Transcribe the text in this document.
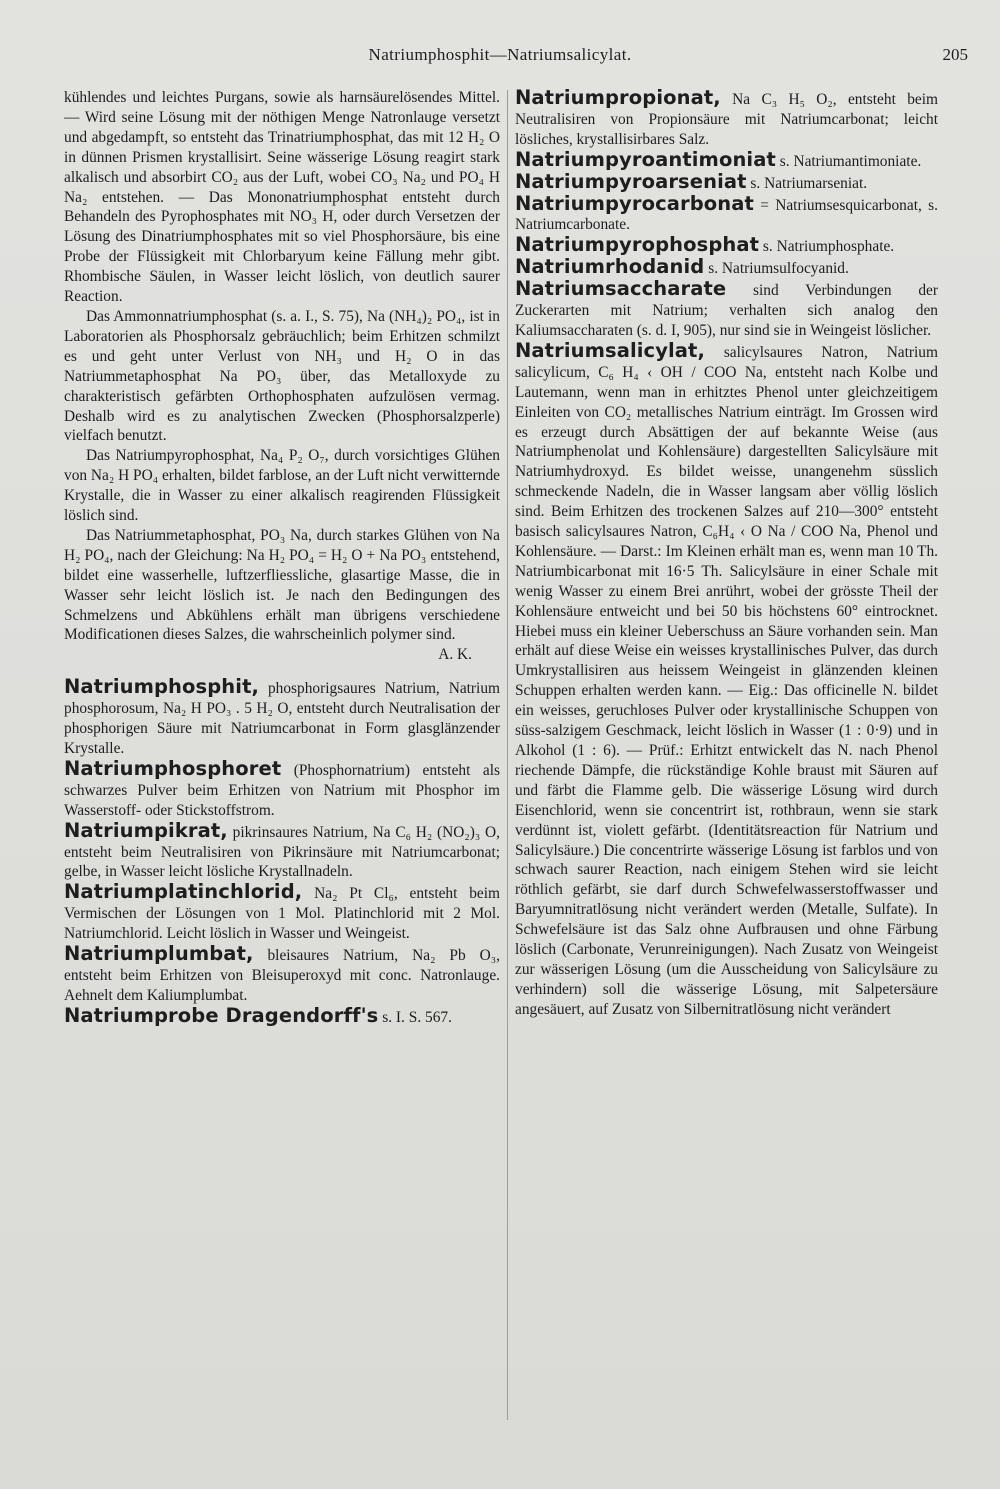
Natriumphosphit—Natriumsalicylat.	205

kühlendes und leichtes Purgans, sowie als harnsäurelösendes Mittel. — Wird seine Lösung mit der nöthigen Menge Natronlauge versetzt und abgedampft, so entsteht das Trinatriumphosphat, das mit 12 H₂ O in dünnen Prismen krystallisirt. Seine wässerige Lösung reagirt stark alkalisch und absorbirt CO₂ aus der Luft, wobei CO₃ Na₂ und PO₄ H Na₂ entstehen. — Das Mononatriumphosphat entsteht durch Behandeln des Pyrophosphates mit NO₃ H, oder durch Versetzen der Lösung des Dinatriumphosphates mit so viel Phosphorsäure, bis eine Probe der Flüssigkeit mit Chlorbaryum keine Fällung mehr gibt. Rhombische Säulen, in Wasser leicht löslich, von deutlich saurer Reaction.

Das Ammonnatriumphosphat (s. a. I., S. 75), Na (NH₄)₂ PO₄, ist in Laboratorien als Phosphorsalz gebräuchlich; beim Erhitzen schmilzt es und geht unter Verlust von NH₃ und H₂ O in das Natriummetaphosphat Na PO₃ über, das Metalloxyde zu charakteristisch gefärbten Orthophosphaten aufzulösen vermag. Deshalb wird es zu analytischen Zwecken (Phosphorsalzperle) vielfach benutzt.

Das Natriumpyrophosphat, Na₄ P₂ O₇, durch vorsichtiges Glühen von Na₂ H PO₄ erhalten, bildet farblose, an der Luft nicht verwitternde Krystalle, die in Wasser zu einer alkalisch reagirenden Flüssigkeit löslich sind.

Das Natriummetaphosphat, PO₃ Na, durch starkes Glühen von Na H₂ PO₄, nach der Gleichung: Na H₂ PO₄ = H₂ O + Na PO₃ entstehend, bildet eine wasserhelle, luftzerfliessliche, glasartige Masse, die in Wasser sehr leicht löslich ist. Je nach den Bedingungen des Schmelzens und Abkühlens erhält man übrigens verschiedene Modificationen dieses Salzes, die wahrscheinlich polymer sind.

A. K.

Natriumphosphit, phosphorigsaures Natrium, Natrium phosphorosum, Na₂ H PO₃ . 5 H₂ O, entsteht durch Neutralisation der phosphorigen Säure mit Natriumcarbonat in Form glasglänzender Krystalle.

Natriumphosphoret (Phosphornatrium) entsteht als schwarzes Pulver beim Erhitzen von Natrium mit Phosphor im Wasserstoff- oder Stickstoffstrom.

Natriumpikrat, pikrinsaures Natrium, Na C₆ H₂ (NO₂)₃ O, entsteht beim Neutralisiren von Pikrinsäure mit Natriumcarbonat; gelbe, in Wasser leicht lösliche Krystallnadeln.

Natriumplatinchlorid, Na₂ Pt Cl₆, entsteht beim Vermischen der Lösungen von 1 Mol. Platinchlorid mit 2 Mol. Natriumchlorid. Leicht löslich in Wasser und Weingeist.

Natriumplumbat, bleisaures Natrium, Na₂ Pb O₃, entsteht beim Erhitzen von Bleisuperoxyd mit conc. Natronlauge. Aehnelt dem Kaliumplumbat.

Natriumprobe Dragendorff's s. I. S. 567.

Natriumpropionat, Na C₃ H₅ O₂, entsteht beim Neutralisiren von Propionsäure mit Natriumcarbonat; leicht lösliches, krystallisirbares Salz.

Natriumpyroantimoniat s. Natriumantimoniate.

Natriumpyroarseniat s. Natriumarseniat.

Natriumpyrocarbonat = Natriumsesquicarbonat, s. Natriumcarbonate.

Natriumpyrophosphat s. Natriumphosphate.

Natriumrhodanid s. Natriumsulfocyanid.

Natriumsaccharate sind Verbindungen der Zuckerarten mit Natrium; verhalten sich analog den Kaliumsaccharaten (s. d. I, 905), nur sind sie in Weingeist löslicher.

Natriumsalicylat, salicylsaures Natron, Natrium salicylicum, C₆ H₄ ‹ OH / COO Na, entsteht nach Kolbe und Lautemann, wenn man in erhitztes Phenol unter gleichzeitigem Einleiten von CO₂ metallisches Natrium einträgt. Im Grossen wird es erzeugt durch Absättigen der auf bekannte Weise (aus Natriumphenolat und Kohlensäure) dargestellten Salicylsäure mit Natriumhydroxyd. Es bildet weisse, unangenehm süsslich schmeckende Nadeln, die in Wasser langsam aber völlig löslich sind. Beim Erhitzen des trockenen Salzes auf 210—300° entsteht basisch salicylsaures Natron, C₆H₄ ‹ O Na / COO Na, Phenol und Kohlensäure. — Darst.: Im Kleinen erhält man es, wenn man 10 Th. Natriumbicarbonat mit 16·5 Th. Salicylsäure in einer Schale mit wenig Wasser zu einem Brei anrührt, wobei der grösste Theil der Kohlensäure entweicht und bei 50 bis höchstens 60° eintrocknet. Hiebei muss ein kleiner Ueberschuss an Säure vorhanden sein. Man erhält auf diese Weise ein weisses krystallinisches Pulver, das durch Umkrystallisiren aus heissem Weingeist in glänzenden kleinen Schuppen erhalten werden kann. — Eig.: Das officinelle N. bildet ein weisses, geruchloses Pulver oder krystallinische Schuppen von süss-salzigem Geschmack, leicht löslich in Wasser (1 : 0·9) und in Alkohol (1 : 6). — Prüf.: Erhitzt entwickelt das N. nach Phenol riechende Dämpfe, die rückständige Kohle braust mit Säuren auf und färbt die Flamme gelb. Die wässerige Lösung wird durch Eisenchlorid, wenn sie concentrirt ist, rothbraun, wenn sie stark verdünnt ist, violett gefärbt. (Identitätsreaction für Natrium und Salicylsäure.) Die concentrirte wässerige Lösung ist farblos und von schwach saurer Reaction, nach einigem Stehen wird sie leicht röthlich gefärbt, sie darf durch Schwefelwasserstoffwasser und Baryumnitratlösung nicht verändert werden (Metalle, Sulfate). In Schwefelsäure ist das Salz ohne Aufbrausen und ohne Färbung löslich (Carbonate, Verunreinigungen). Nach Zusatz von Weingeist zur wässerigen Lösung (um die Ausscheidung von Salicylsäure zu verhindern) soll die wässerige Lösung, mit Salpetersäure angesäuert, auf Zusatz von Silbernitratlösung nicht verändert
